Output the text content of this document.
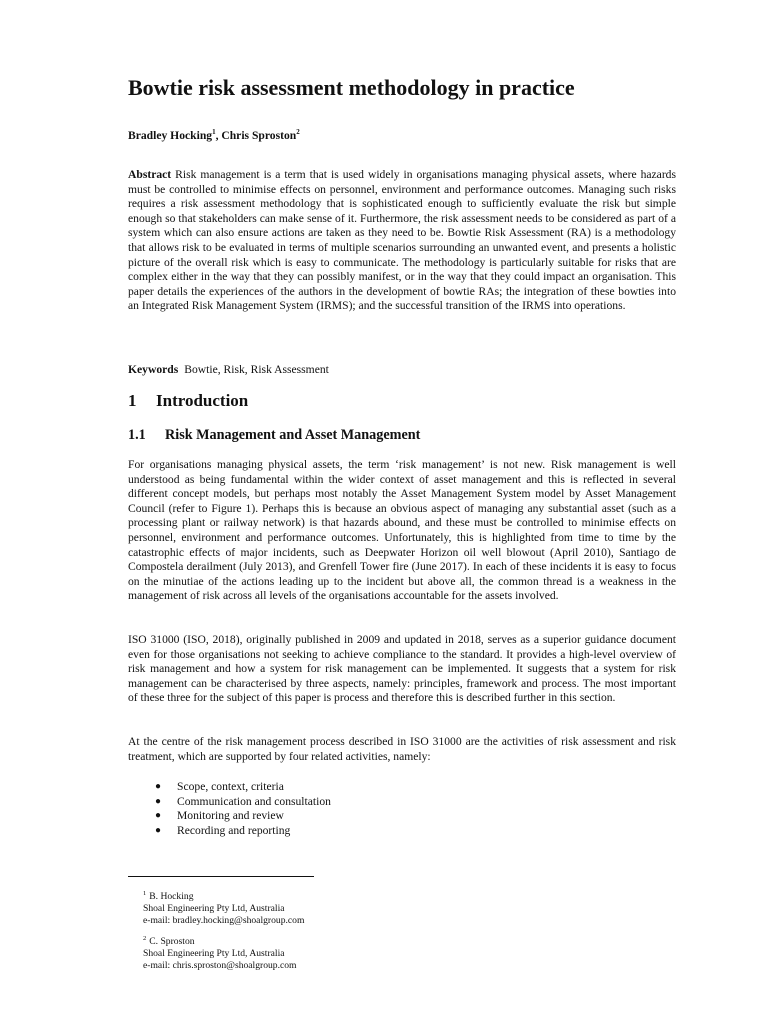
Bowtie risk assessment methodology in practice
Bradley Hocking$^1$, Chris Sproston$^2$

Abstract Risk management is a term that is used widely in organisations managing physical assets, where hazards must be controlled to minimise effects on personnel, environment and performance outcomes. Managing such risks requires a risk assessment methodology that is sophisticated enough to sufficiently evaluate the risk but simple enough so that stakeholders can make sense of it. Furthermore, the risk assessment needs to be considered as part of a system which can also ensure actions are taken as they need to be. Bowtie Risk Assessment (RA) is a methodology that allows risk to be evaluated in terms of multiple scenarios surrounding an unwanted event, and presents a holistic picture of the overall risk which is easy to communicate. The methodology is particularly suitable for risks that are complex either in the way that they can possibly manifest, or in the way that they could impact an organisation. This paper details the experiences of the authors in the development of bowtie RAs; the integration of these bowties into an Integrated Risk Management System (IRMS); and the successful transition of the IRMS into operations.

Keywords Bowtie, Risk, Risk Assessment
1 Introduction
1.1 Risk Management and Asset Management

For organisations managing physical assets, the term ‘risk management’ is not new. Risk management is well understood as being fundamental within the wider context of asset management and this is reflected in several different concept models, but perhaps most notably the Asset Management System model by Asset Management Council (refer to Figure 1). Perhaps this is because an obvious aspect of managing any substantial asset (such as a processing plant or railway network) is that hazards abound, and these must be controlled to minimise effects on personnel, environment and performance outcomes. Unfortunately, this is highlighted from time to time by the catastrophic effects of major incidents, such as Deepwater Horizon oil well blowout (April 2010), Santiago de Compostela derailment (July 2013), and Grenfell Tower fire (June 2017). In each of these incidents it is easy to focus on the minutiae of the actions leading up to the incident but above all, the common thread is a weakness in the management of risk across all levels of the organisations accountable for the assets involved.

ISO 31000 (ISO, 2018), originally published in 2009 and updated in 2018, serves as a superior guidance document even for those organisations not seeking to achieve compliance to the standard. It provides a high-level overview of risk management and how a system for risk management can be implemented. It suggests that a system for risk management can be characterised by three aspects, namely: principles, framework and process. The most important of these three for the subject of this paper is process and therefore this is described further in this section.

At the centre of the risk management process described in ISO 31000 are the activities of risk assessment and risk treatment, which are supported by four related activities, namely:

● Scope, context, criteria
● Communication and consultation
● Monitoring and review
● Recording and reporting
$^1$ B. Hocking
Shoal Engineering Pty Ltd, Australia
e-mail: bradley.hocking@shoalgroup.com
$^2$ C. Sproston
Shoal Engineering Pty Ltd, Australia
e-mail: chris.sproston@shoalgroup.com
